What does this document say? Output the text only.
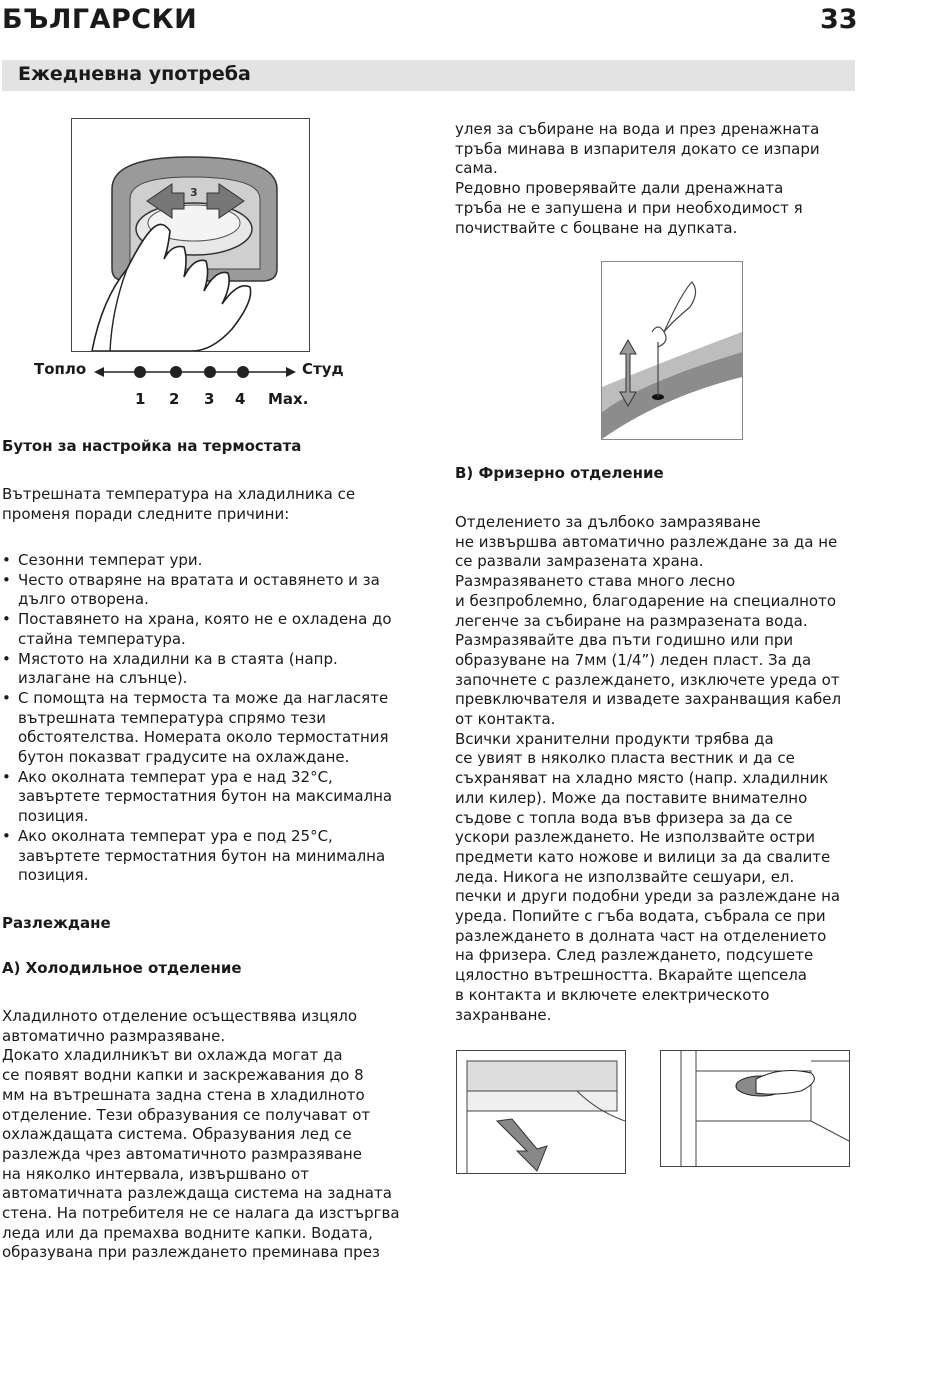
БЪЛГАРСКИ	33
Ежедневна употреба
3
Топло	Студ
1 2 3 4 Max.
Бутон за настройка на термостата
Вътрешната температура на хладилника се
променя поради следните причини:
• Сезонни температ ури.
• Често отваряне на вратата и оставянето и за дълго отворена.
• Поставянето на храна, която не е охладена до стайна температура.
• Мястото на хладилни ка в стаята (напр. излагане на слънце).
• С помощта на термоста та може да нагласяте вътрешната температура спрямо тези обстоятелства. Номерата около термостатния бутон показват градусите на охлаждане.
• Ако околната температ ура е над 32°C, завъртете термостатния бутон на максимална позиция.
• Ако околната температ ура е под 25°C, завъртете термостатния бутон на минимална позиция.
Разлеждане
A) Холодильное отделение
Хладилното отделение осъществява изцяло
автоматично размразяване.
Докато хладилникът ви охлажда могат да
се появят водни капки и заскрежавания до 8
мм на вътрешната задна стена в хладилното
отделение. Тези образувания се получават от
охлаждащата система. Образувания лед се
разлежда чрез автоматичното размразяване
на няколко интервала, извършвано от
автоматичната разлеждаща система на задната
стена. На потребителя не се налага да изстъргва
леда или да премахва водните капки. Водата,
образувана при разлеждането преминава през
улея за събиране на вода и през дренажната
тръба минава в изпарителя докато се изпари
сама.
Редовно проверявайте дали дренажната
тръба не е запушена и при необходимост я
почиствайте с боцване на дупката.
B) Фризерно отделение
Отделението за дълбоко замразяване
не извършва автоматично разлеждане за да не
се развали замразената храна.
Размразяването става много лесно
и безпроблемно, благодарение на специалното
легенче за събиране на размразената вода.
Размразявайте два пъти годишно или при
образуване на 7мм (1/4”) леден пласт. За да
започнете с разлеждането, изключете уреда от
превключвателя и извадете захранващия кабел
от контакта.
Всички хранителни продукти трябва да
се увият в няколко пласта вестник и да се
съхраняват на хладно място (напр. хладилник
или килер). Може да поставите внимателно
съдове с топла вода във фризера за да се
ускори разлеждането. Не използвайте остри
предмети като ножове и вилици за да свалите
леда. Никога не използвайте сешуари, ел.
печки и други подобни уреди за разлеждане на
уреда. Попийте с гъба водата, събрала се при
разлеждането в долната част на отделението
на фризера. След разлеждането, подсушете
цялостно вътрешността. Вкарайте щепсела
в контакта и включете електрическото
захранване.
